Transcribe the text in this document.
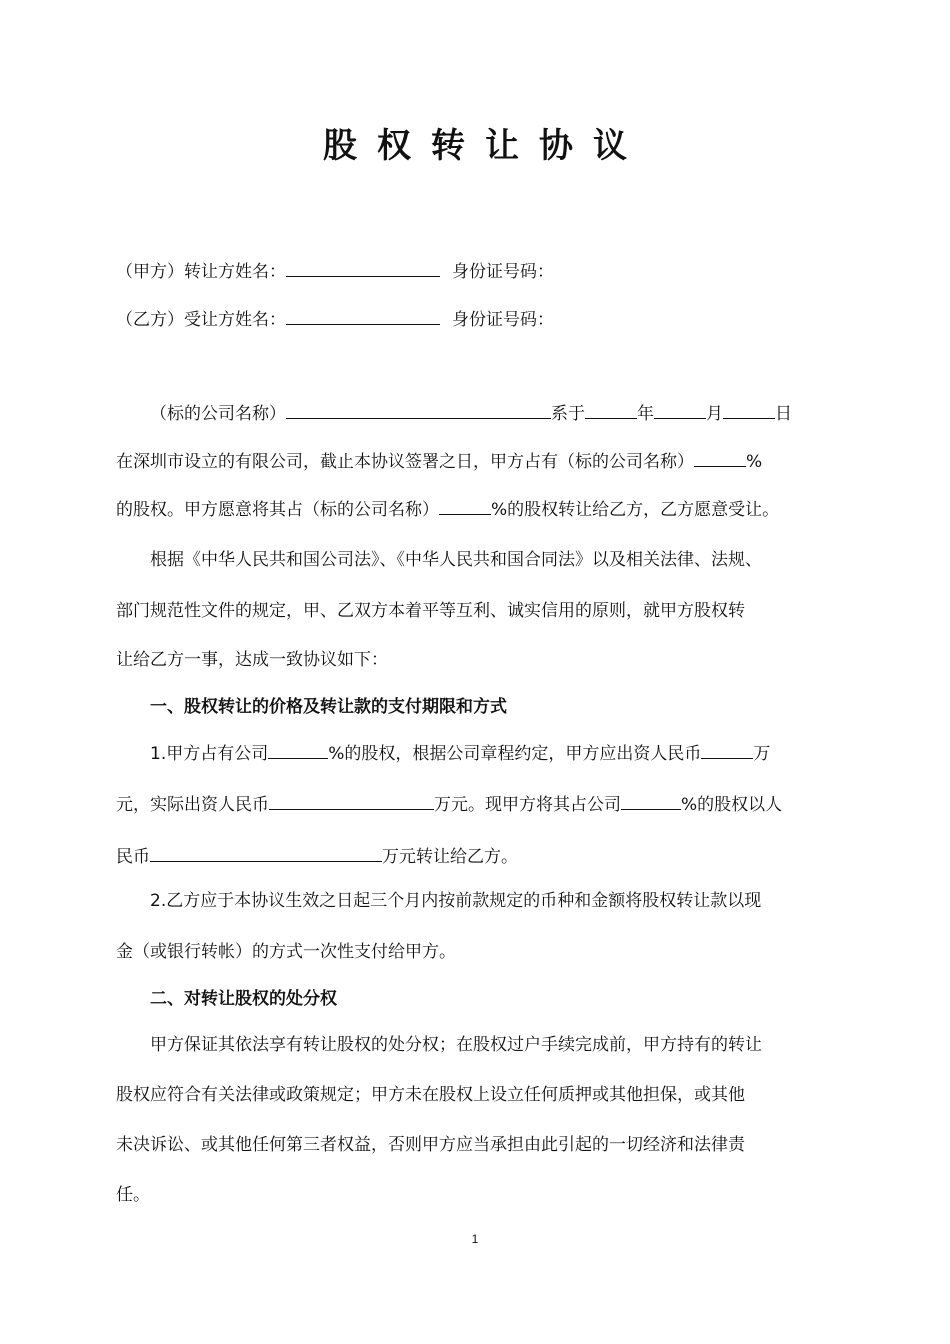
股权转让协议
（甲方）转让方姓名：	身份证号码：
（乙方）受让方姓名：	身份证号码：
（标的公司名称）	系于	年	月	日
在深圳市设立的有限公司，截止本协议签署之日，甲方占有（标的公司名称）	%
的股权。甲方愿意将其占（标的公司名称）	%的股权转让给乙方，乙方愿意受让。
根据《中华人民共和国公司法》、《中华人民共和国合同法》以及相关法律、法规、
部门规范性文件的规定，甲、乙双方本着平等互利、诚实信用的原则，就甲方股权转
让给乙方一事，达成一致协议如下：
一、股权转让的价格及转让款的支付期限和方式
1.甲方占有公司	%的股权，根据公司章程约定，甲方应出资人民币	万
元，实际出资人民币	万元。现甲方将其占公司	%的股权以人
民币	万元转让给乙方。
2.乙方应于本协议生效之日起三个月内按前款规定的币种和金额将股权转让款以现
金（或银行转帐）的方式一次性支付给甲方。
二、对转让股权的处分权
甲方保证其依法享有转让股权的处分权；在股权过户手续完成前，甲方持有的转让
股权应符合有关法律或政策规定；甲方未在股权上设立任何质押或其他担保，或其他
未决诉讼、或其他任何第三者权益，否则甲方应当承担由此引起的一切经济和法律责
任。
1
